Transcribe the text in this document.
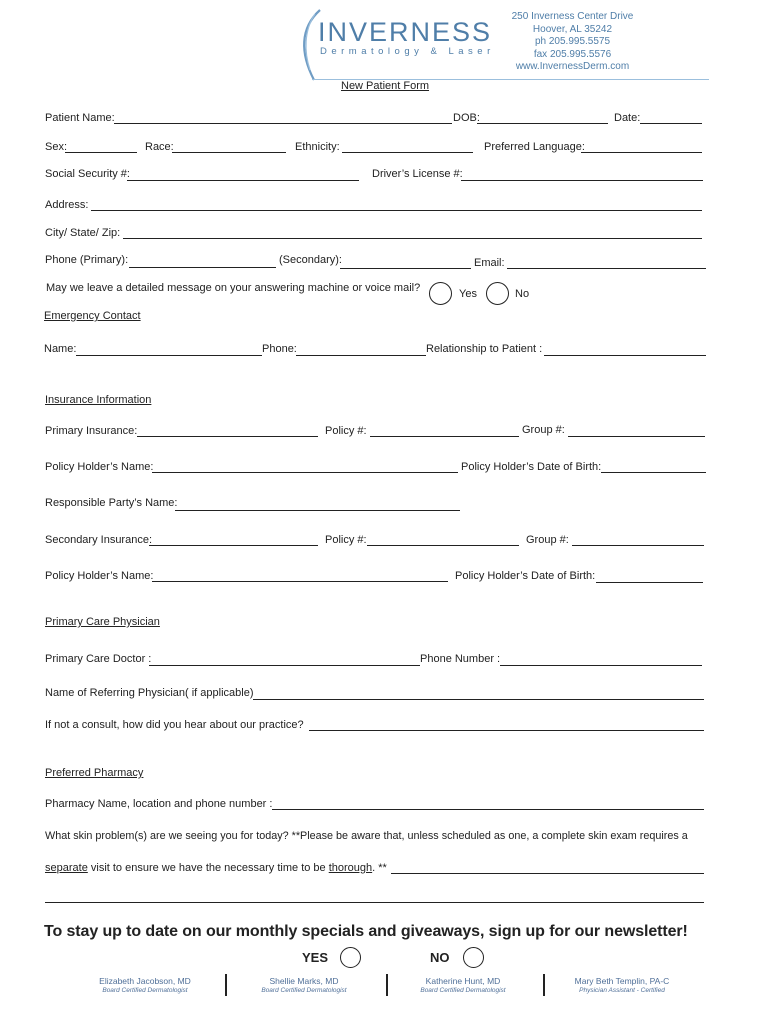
INVERNESS
Dermatology & Laser
250 Inverness Center Drive
Hoover, AL 35242
ph 205.995.5575
fax 205.995.5576
www.InvernessDerm.com
New Patient Form
Patient Name:	DOB:	Date:
Sex:	Race:	Ethnicity:	Preferred Language:
Social Security #:	Driver’s License #:
Address:
City/ State/ Zip:
Phone (Primary):	(Secondary):	Email:
May we leave a detailed message on your answering machine or voice mail?	Yes	No
Emergency Contact
Name:	Phone:	Relationship to Patient :
Insurance Information
Primary Insurance:	Policy #:	Group #:
Policy Holder’s Name:	Policy Holder’s Date of Birth:
Responsible Party’s Name:
Secondary Insurance:	Policy #:	Group #:
Policy Holder’s Name:	Policy Holder’s Date of Birth:
Primary Care Physician
Primary Care Doctor :	Phone Number :
Name of Referring Physician( if applicable)
If not a consult, how did you hear about our practice?
Preferred Pharmacy
Pharmacy Name, location and phone number :
What skin problem(s) are we seeing you for today? **Please be aware that, unless scheduled as one, a complete skin exam requires a
separate visit to ensure we have the necessary time to be thorough. **
To stay up to date on our monthly specials and giveaways, sign up for our newsletter!
YES	NO
Elizabeth Jacobson, MD
Board Certified Dermatologist
Shellie Marks, MD
Board Certified Dermatologist
Katherine Hunt, MD
Board Certified Dermatologist
Mary Beth Templin, PA-C
Physician Assistant - Certified
